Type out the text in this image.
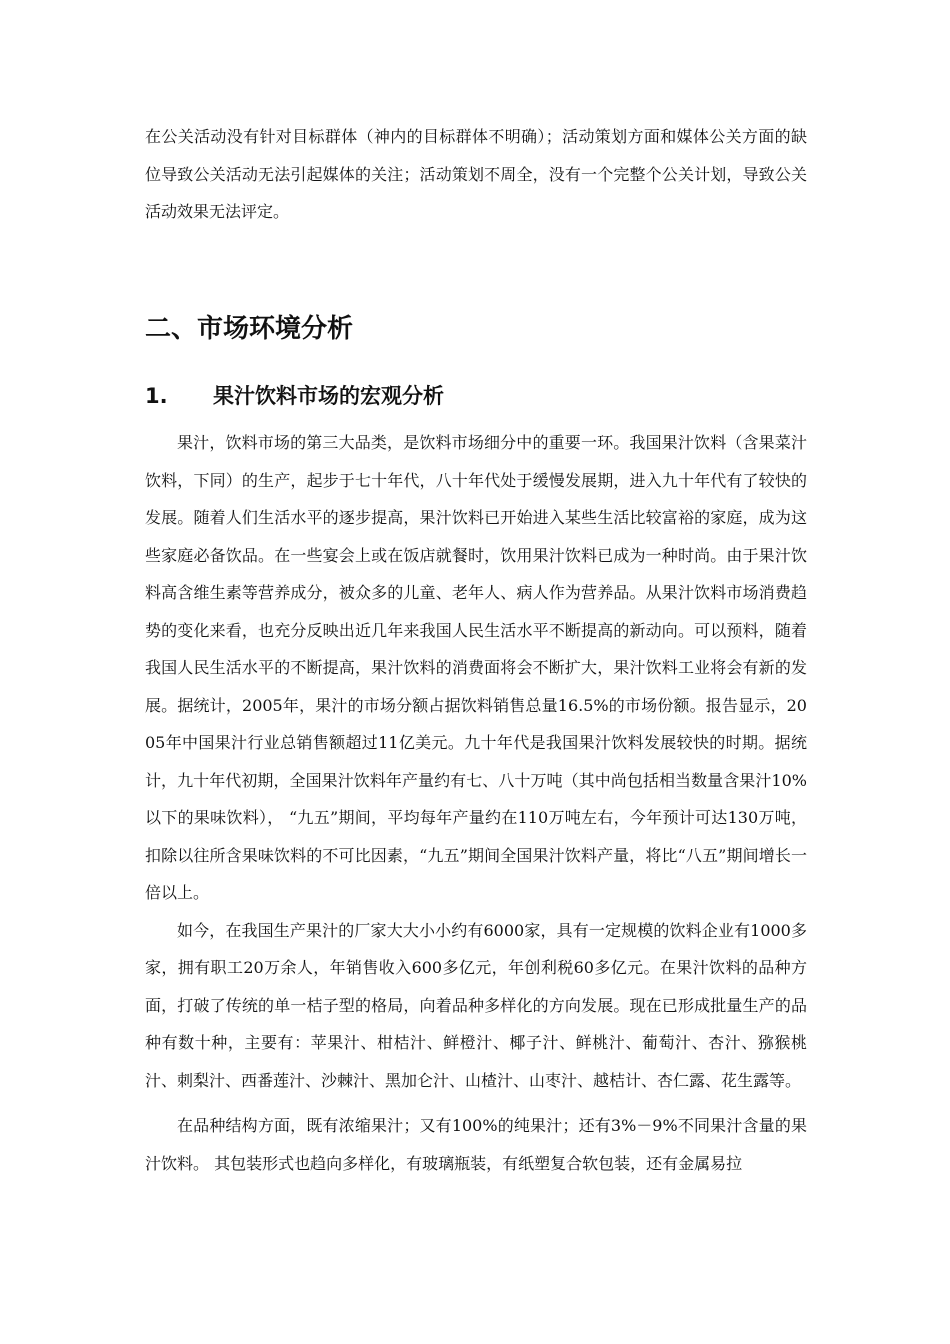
在公关活动没有针对目标群体（神内的目标群体不明确）；活动策划方面和媒体公关方面的缺位导致公关活动无法引起媒体的关注；活动策划不周全，没有一个完整个公关计划，导致公关活动效果无法评定。

二、市场环境分析
1.	果汁饮料市场的宏观分析

果汁，饮料市场的第三大品类，是饮料市场细分中的重要一环。我国果汁饮料（含果菜汁饮料，下同）的生产，起步于七十年代，八十年代处于缓慢发展期，进入九十年代有了较快的发展。随着人们生活水平的逐步提高，果汁饮料已开始进入某些生活比较富裕的家庭，成为这些家庭必备饮品。在一些宴会上或在饭店就餐时，饮用果汁饮料已成为一种时尚。由于果汁饮料高含维生素等营养成分，被众多的儿童、老年人、病人作为营养品。从果汁饮料市场消费趋势的变化来看，也充分反映出近几年来我国人民生活水平不断提高的新动向。可以预料，随着我国人民生活水平的不断提高，果汁饮料的消费面将会不断扩大，果汁饮料工业将会有新的发展。据统计，2005年，果汁的市场分额占据饮料销售总量16.5%的市场份额。报告显示，2005年中国果汁行业总销售额超过11亿美元。九十年代是我国果汁饮料发展较快的时期。据统计，九十年代初期，全国果汁饮料年产量约有七、八十万吨（其中尚包括相当数量含果汁10%以下的果味饮料）， “九五”期间，平均每年产量约在110万吨左右，今年预计可达130万吨，扣除以往所含果味饮料的不可比因素，“九五”期间全国果汁饮料产量，将比“八五”期间增长一倍以上。

如今，在我国生产果汁的厂家大大小小约有6000家，具有一定规模的饮料企业有1000多家，拥有职工20万余人，年销售收入600多亿元，年创利税60多亿元。在果汁饮料的品种方面，打破了传统的单一桔子型的格局，向着品种多样化的方向发展。现在已形成批量生产的品种有数十种，主要有：苹果汁、柑桔汁、鲜橙汁、椰子汁、鲜桃汁、葡萄汁、杏汁、猕猴桃汁、刺梨汁、西番莲汁、沙棘汁、黑加仑汁、山楂汁、山枣汁、越桔计、杏仁露、花生露等。

在品种结构方面，既有浓缩果汁；又有100%的纯果汁；还有3%－9%不同果汁含量的果汁饮料。 其包装形式也趋向多样化，有玻璃瓶装，有纸塑复合软包装，还有金属易拉
